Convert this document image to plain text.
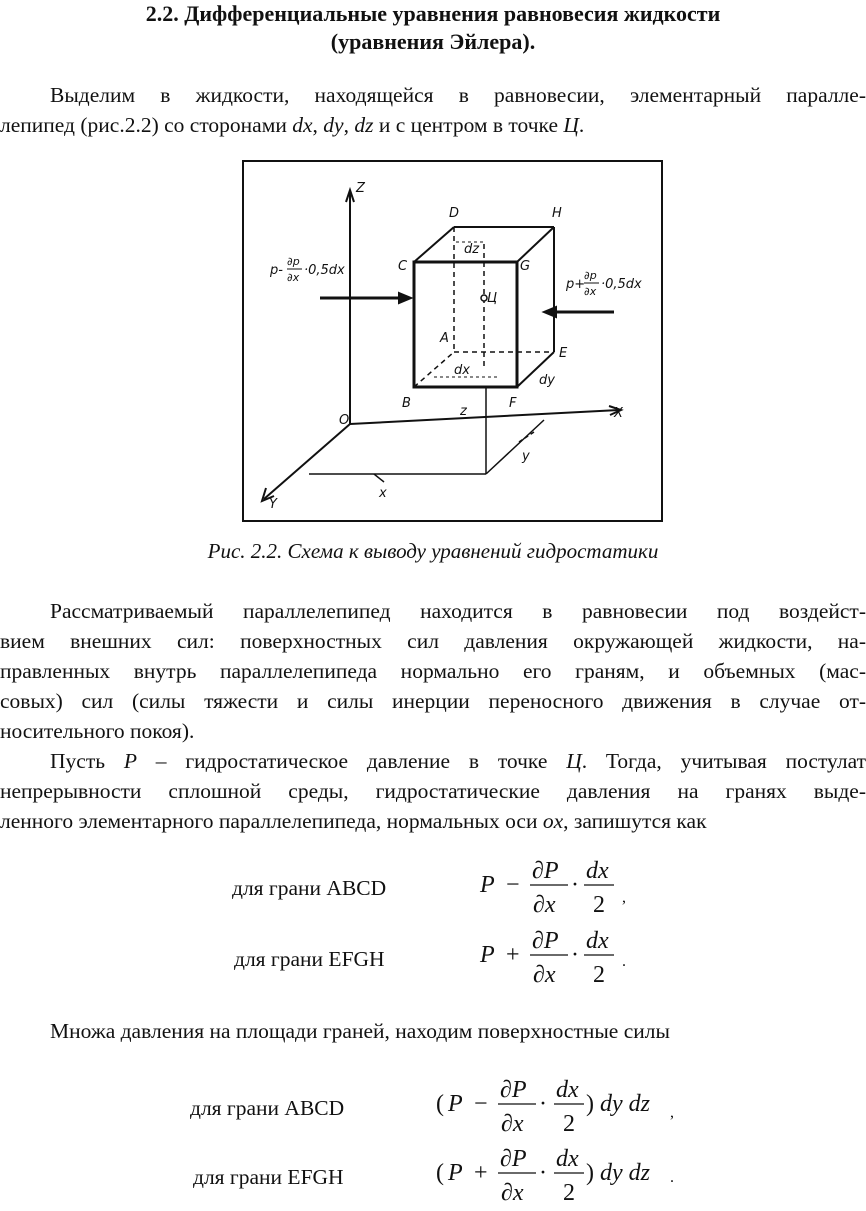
2.2. Дифференциальные уравнения равновесия жидкости
(уравнения Эйлера).
Выделим в жидкости, находящейся в равновесии, элементарный паралле-
лепипед (рис.2.2) со сторонами dx, dy, dz и с центром в точке Ц.
Z
X
Y
O
D	H
C	G
A
E
B	F
Ц
dz
dx
dy
z
y
x
p-
∂p
∂x ·0,5dx
p+
∂p
∂x ·0,5dx
Рис. 2.2. Схема к выводу уравнений гидростатики
Рассматриваемый параллелепипед находится в равновесии под воздейст-
вием внешних сил: поверхностных сил давления окружающей жидкости, на-
правленных внутрь параллелепипеда нормально его граням, и объемных (мас-
совых) сил (силы тяжести и силы инерции переносного движения в случае от-
носительного покоя).
Пусть P – гидростатическое давление в точке Ц. Тогда, учитывая постулат
непрерывности сплошной среды, гидростатические давления на гранях выде-
ленного элементарного параллелепипеда, нормальных оси ox, запишутся как
для грани ABCD	P −
∂P
∂x
·
dx
2 ,
для грани EFGH	P +
∂P
∂x
·
dx
2
.
Множа давления на площади граней, находим поверхностные силы
для грани ABCD	( P −
∂P
∂x
·
dx
2
) dy dz ,
для грани EFGH	( P +
∂P
∂x
·
dx
2
) dy dz .
